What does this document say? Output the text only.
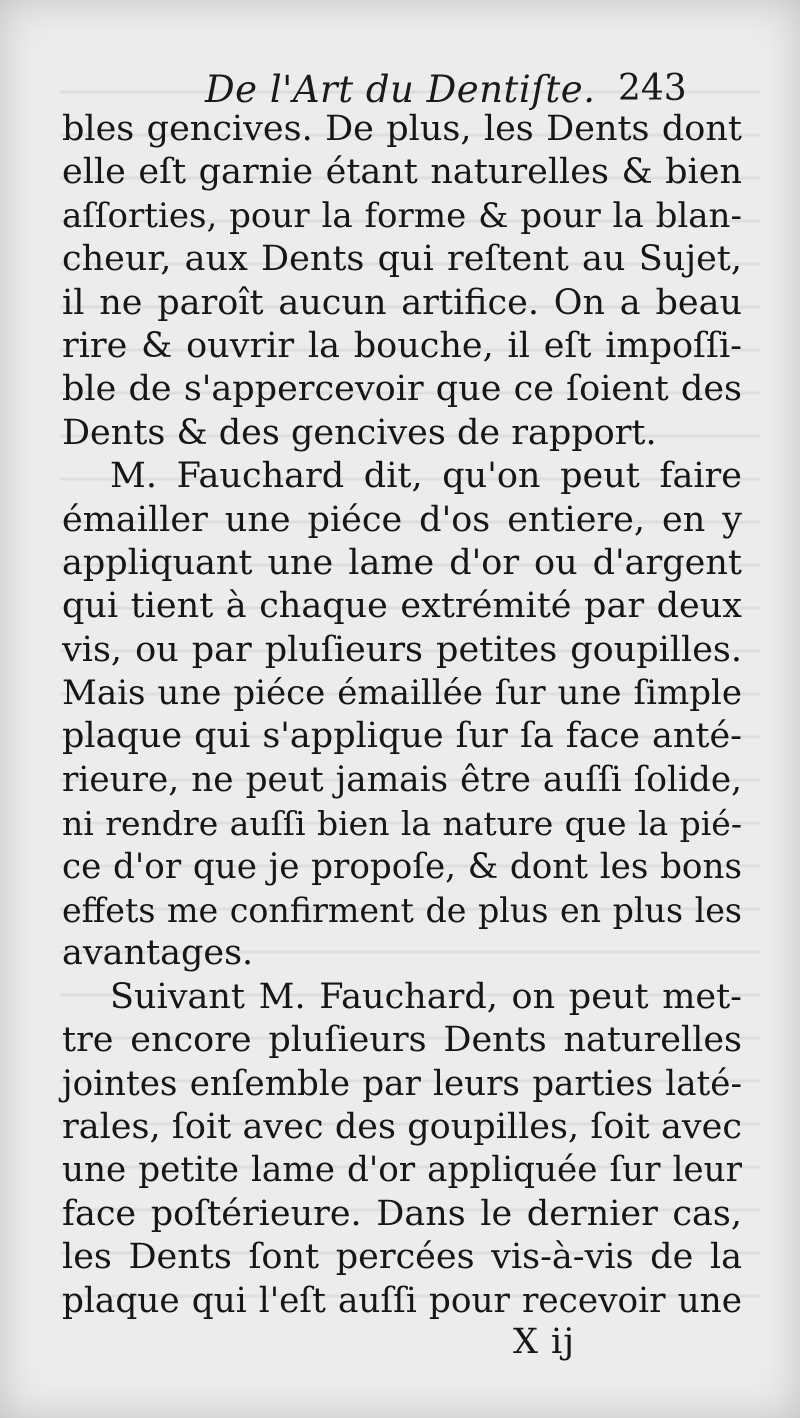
De l'Art du Dentiſte. 243
bles gencives. De plus, les Dents dont
elle eſt garnie étant naturelles & bien
aſſorties, pour la forme & pour la blan-
cheur, aux Dents qui reſtent au Sujet,
il ne paroît aucun artifice. On a beau
rire & ouvrir la bouche, il eſt impoſſi-
ble de s'appercevoir que ce ſoient des
Dents & des gencives de rapport.
M. Fauchard dit, qu'on peut faire
émailler une piéce d'os entiere, en y
appliquant une lame d'or ou d'argent
qui tient à chaque extrémité par deux
vis, ou par pluſieurs petites goupilles.
Mais une piéce émaillée ſur une ſimple
plaque qui s'applique ſur ſa face anté-
rieure, ne peut jamais être auſſi ſolide,
ni rendre auſſi bien la nature que la pié-
ce d'or que je propoſe, & dont les bons
effets me confirment de plus en plus les
avantages.
Suivant M. Fauchard, on peut met-
tre encore pluſieurs Dents naturelles
jointes enſemble par leurs parties laté-
rales, ſoit avec des goupilles, ſoit avec
une petite lame d'or appliquée ſur leur
face poſtérieure. Dans le dernier cas,
les Dents ſont percées vis-à-vis de la
plaque qui l'eſt auſſi pour recevoir une
X ij
